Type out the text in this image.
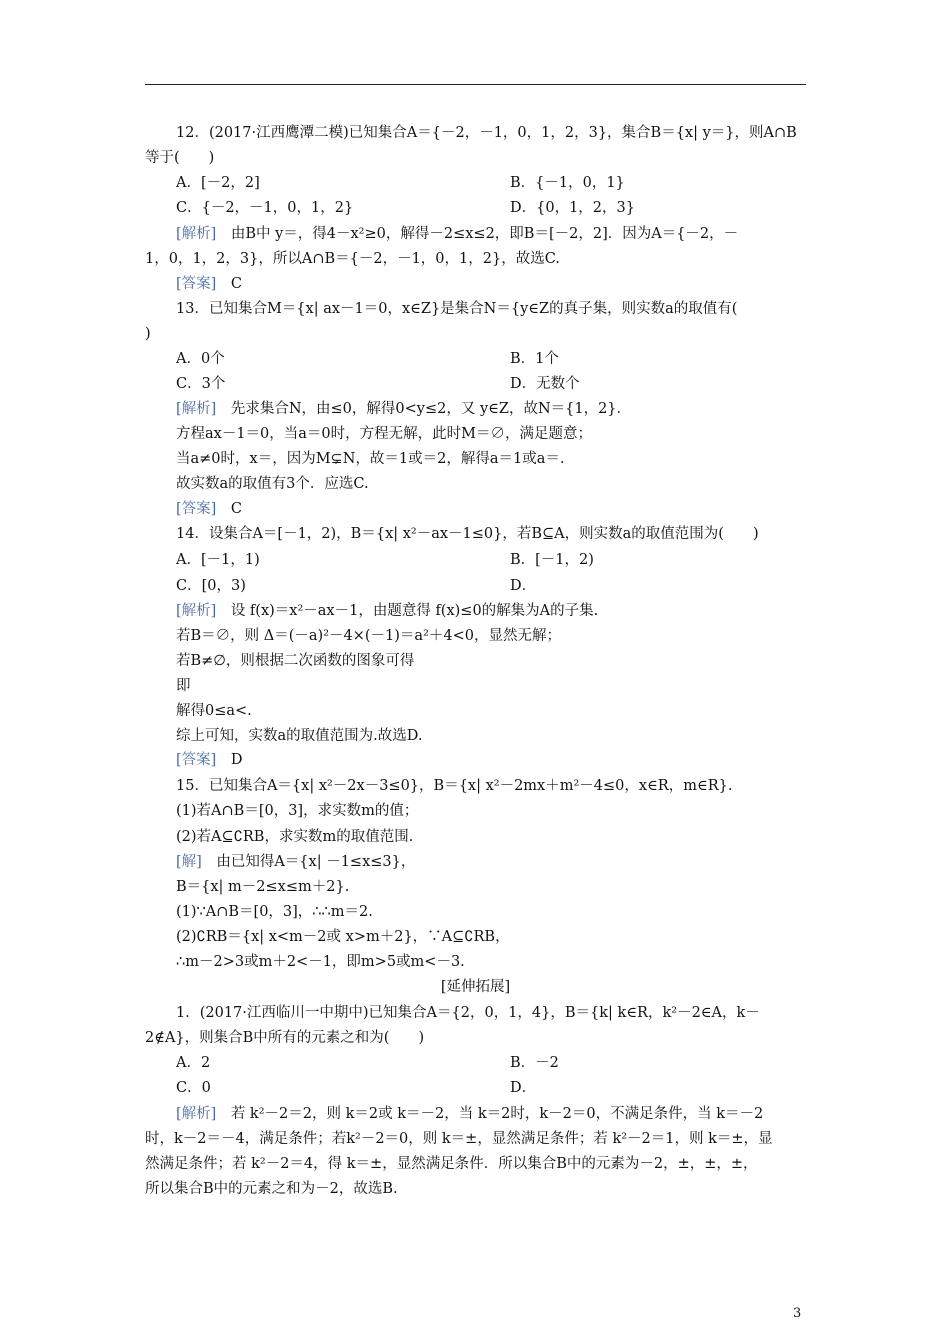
12．(2017·江西鹰潭二模)已知集合A＝{－2，－1，0，1，2，3}，集合B＝{x| y＝}，则A∩B
等于(　　)
A．[－2，2]	B．{－1，0，1}
C．{－2，－1，0，1，2}	D．{0，1，2，3}
[解析]　由B中 y＝，得4－x²≥0，解得－2≤x≤2，即B＝[－2，2]．因为A＝{－2，－
1，0，1，2，3}，所以A∩B＝{－2，－1，0，1，2}，故选C.
[答案]　C
13．已知集合M＝{x| ax－1＝0，x∈Z}是集合N＝{y∈Z的真子集，则实数a的取值有(
)
A．0个	B．1个
C．3个	D．无数个
[解析]　先求集合N，由≤0，解得0<y≤2，又 y∈Z，故N＝{1，2}．
方程ax－1＝0，当a＝0时，方程无解，此时M＝∅，满足题意；
当a≠0时，x＝，因为M⊊N，故＝1或＝2，解得a＝1或a＝.
故实数a的取值有3个．应选C.
[答案]　C
14．设集合A＝[－1，2)，B＝{x| x²－ax－1≤0}，若B⊆A，则实数a的取值范围为(　　)
A．[－1，1)	B．[－1，2)
C．[0，3)	D．
[解析]　设 f(x)＝x²－ax－1，由题意得 f(x)≤0的解集为A的子集.
若B＝∅，则 Δ＝(－a)²－4×(－1)＝a²＋4<0，显然无解；
若B≠∅，则根据二次函数的图象可得
即
解得0≤a<.
综上可知，实数a的取值范围为.故选D.
[答案]　D
15．已知集合A＝{x| x²－2x－3≤0}，B＝{x| x²－2mx＋m²－4≤0，x∈R，m∈R}.
(1)若A∩B＝[0，3]，求实数m的值；
(2)若A⊆∁RB，求实数m的取值范围.
[解]　由已知得A＝{x| －1≤x≤3}，
B＝{x| m－2≤x≤m＋2}.
(1)∵A∩B＝[0，3]，∴∴m＝2.
(2)∁RB＝{x| x<m－2或 x>m＋2}，∵A⊆∁RB，
∴m－2>3或m＋2<－1，即m>5或m<－3.
[延伸拓展]
1．(2017·江西临川一中期中)已知集合A＝{2，0，1，4}，B＝{k| k∈R，k²－2∈A，k－
2∉A}，则集合B中所有的元素之和为(　　)
A．2	B．－2
C．0	D．
[解析]　若 k²－2＝2，则 k＝2或 k＝－2，当 k＝2时，k－2＝0，不满足条件，当 k＝－2
时，k－2＝－4，满足条件；若k²－2＝0，则 k＝±，显然满足条件；若 k²－2＝1，则 k＝±，显
然满足条件；若 k²－2＝4，得 k＝±，显然满足条件．所以集合B中的元素为－2，±，±，±，
所以集合B中的元素之和为－2，故选B.
3
